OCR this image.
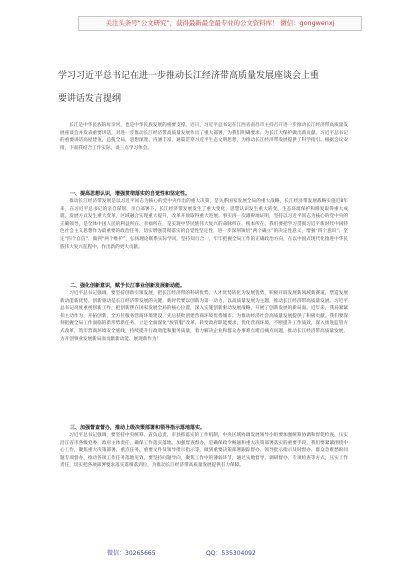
关注头条号“公文研究”，获得最新最全最专业的公文资料库！ 微信：gongwenxj
学习习近平总书记在进一步推动长江经济带高质量发展座谈会上重
要讲话发言提纲
长江是中华民族的母亲河，也是中华民族发展的重要支撑。近日，习近平总书记在江西省南昌市主持召开进一步推动长江经济带高质量发展座谈会并发表重要讲话，对进一步推动长江经济带高质量发展作出了重大部署，为我们明确要求。为长江大保护做出新贡献。习近平总书记的重要讲话高屋建瓴，总揽全局，思想深邃、内涵丰富，通篇贯穿习近平生态文明思想，为推动长江经济带发展提供了科学指引。根据会议安排，下面我结合工作实际，谈三点学习体会。
一、提高思想认识，增强贯彻落实的自觉性和坚定性。
推动长江经济带发展是以习近平同志为核心的党中央作出的重大决策，是关系国家发展全局的重大战略。长江经济带发展战略实施近8年来，在习近平总书记的亲自谋划、亲自部署下，长江经济带发展发生了重大变化，思想认识发生重大转变，生态环境保护和修复取得重大成就，发展方式发生重大变革，区域融合实现重大提升，改革开放取得重大进展。事实再一次雄辩地证明，坚持以习近平同志为核心的党中央的正确领导，是全体中国人民的利益所在、幸福所在，是实现中华民族伟大复兴的命脉所在、根本所在。我们要把学习贯彻习近平新时代中国特色社会主义思想作为最重要的政治任务，切实增强贯彻落实的自觉性坚定性，进一步深刻领悟“两个确立”的决定性意义，增强“四个意识”、坚定“四个自信”、做到“两个维护”，弘扬理论联系实际学风，坚持知行合一，牢牢把握全局工作的正确政治方向，在以中国式现代化推进中华民族伟大复兴征程中，作出新的更大贡献。
二、强化创新意识，赋予长江事业创新发展新动能。
习近平总书记强调，要坚持创新引领发展，把长江经济带的科研优势、人才优势转化为发展优势，积极开辟发展新领域新赛道，塑造发展新动能新优势。创新驱动是长江经济带发展的关键，新时代要以创新为第一动力，以高质量发展为主题，推动长江经济带高质量发展。习近平总书记高度重视创新工作，把创新摆在国家发展全局的核心位置，深入实施创新驱动发展战略，开展了创新发展的新局面。近年来，我局紧紧扣主动作为，开拓创新，全方位服务营商环境建设，先后获批创建营商环境优秀城市。为推动经济社会高质量发展提供了积极贡献。我们要深刻把握全局工作面临的新形势新任务，立足全面深化“放管服”改革，转变政府职能要求，优化营商环境，不断提升工作质效，深入推进监管方式改革，筑牢营商环境安全底线，持续提升行政效能和服务质量，着力解决企业和群众办事难点堵点痛点问题，推动长江经济带高质量发展，为开创事业发展新局面贡献新动能、展现新作为！
三、加强督查督办，推动上级决策部署和领导指示落地落实。
习近平总书记强调，要坚持中央统筹、省负总责、市县抓落实的工作机制，中央区域协调发展领导小组要加强统筹协调和督促检查，压实沿江省市各级党委、政府主体责任，确保工作落实落地。加强督查督办，是确保政令畅通和重大决策部署落实的重要手段。我们要紧紧围绕中心工作，聚焦重大决策部署、重点任务、重要文件及领导批示指示等，做到重要决策部署跟踪督办、领导批示指示及时督办、群众急难愁盼问题专项督办，推动各项工作任务落地见效。要坚持问题导向，聚焦工作中的薄弱环节，通过实地督导、调研督办、专项检查等方式，压实工作责任，切实把各项部署要求落实落细落到位，为推动长江经济带高质量发展提供有力保障。
微信：30265665	QQ：535304092
